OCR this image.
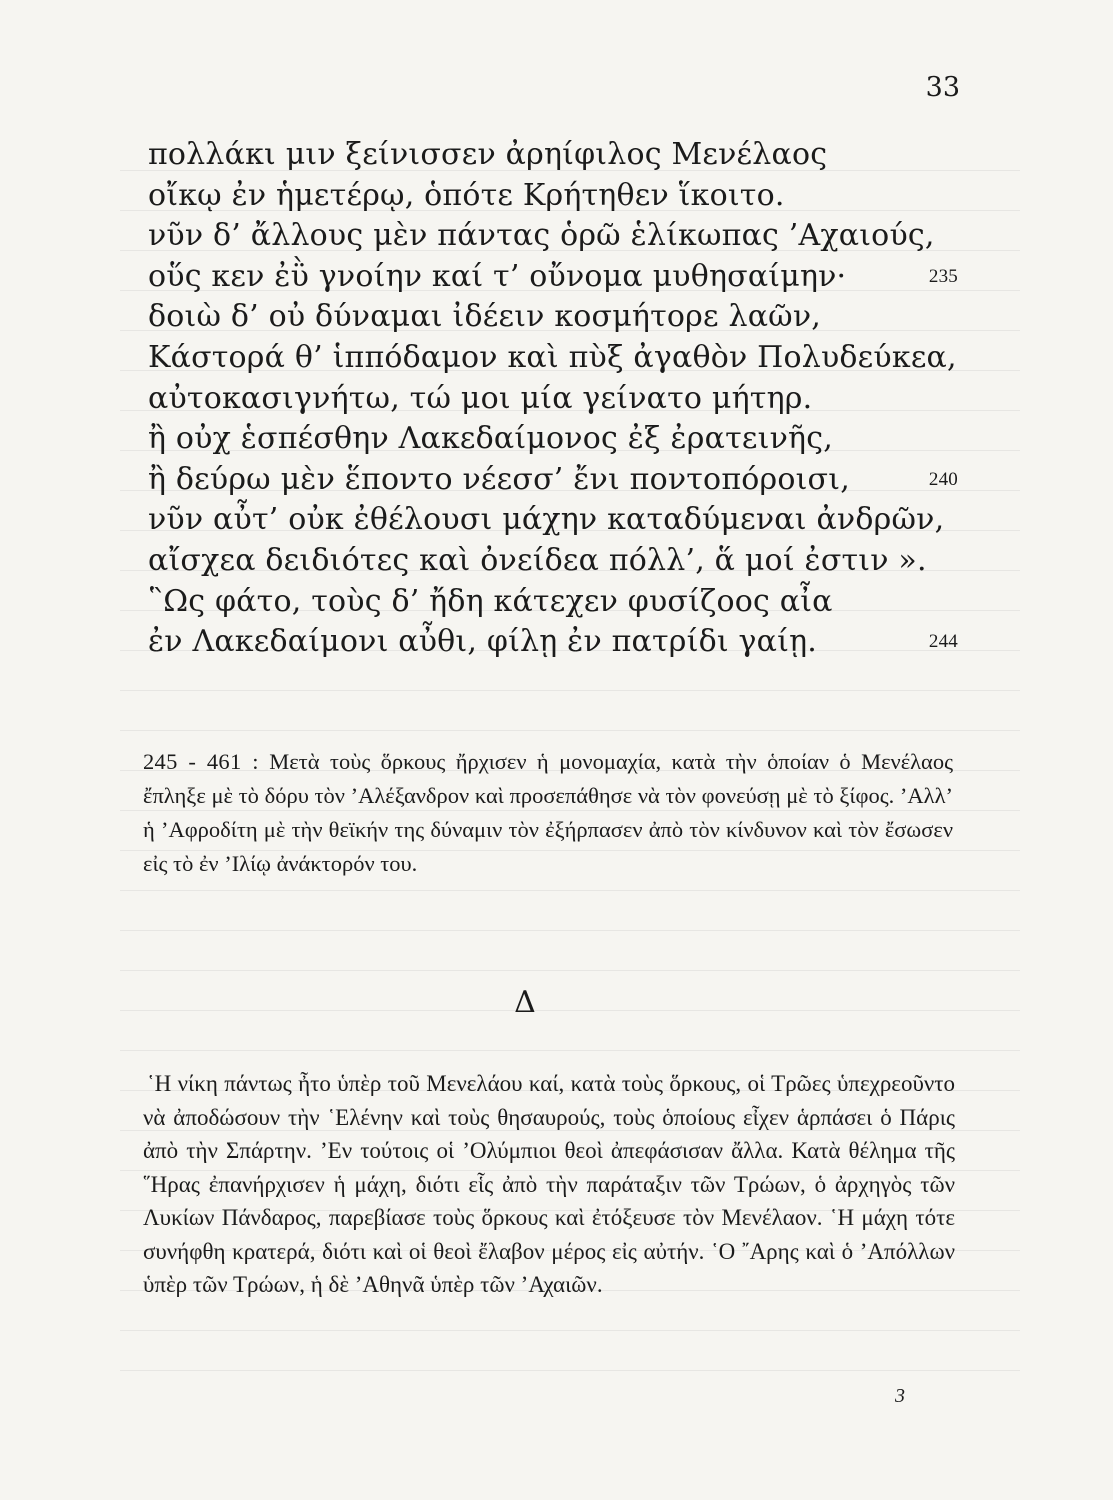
33
πολλάκι μιν ξείνισσεν ἀρηίφιλος Μενέλαος
οἴκῳ ἐν ἡμετέρῳ, ὁπότε Κρήτηθεν ἵκοιτο.
νῦν δ’ ἄλλους μὲν πάντας ὁρῶ ἑλίκωπας ’Αχαιούς,
οὕς κεν ἐῢ γνοίην καί τ’ οὔνομα μυθησαίμην·	235
δοιὼ δ’ οὐ δύναμαι ἰδέειν κοσμήτορε λαῶν,
Κάστορά θ’ ἱππόδαμον καὶ πὺξ ἀγαθὸν Πολυδεύκεα,
αὐτοκασιγνήτω, τώ μοι μία γείνατο μήτηρ.
ἢ οὐχ ἑσπέσθην Λακεδαίμονος ἐξ ἐρατεινῆς,
ἢ δεύρω μὲν ἕποντο νέεσσ’ ἔνι ποντοπόροισι,	240
νῦν αὖτ’ οὐκ ἐθέλουσι μάχην καταδύμεναι ἀνδρῶν,
αἴσχεα δειδιότες καὶ ὀνείδεα πόλλ’, ἅ μοί ἐστιν ».
῝Ως φάτο, τοὺς δ’ ἤδη κάτεχεν φυσίζοος αἶα
ἐν Λακεδαίμονι αὖθι, φίλῃ ἐν πατρίδι γαίῃ.	244
245 - 461 : Μετὰ τοὺς ὅρκους ἤρχισεν ἡ μονομαχία, κατὰ τὴν ὁποίαν ὁ Μενέλαος ἔπληξε μὲ τὸ δόρυ τὸν ’Αλέξανδρον καὶ προσεπάθησε νὰ τὸν φονεύσῃ μὲ τὸ ξίφος. ’Αλλ’ ἡ ’Αφροδίτη μὲ τὴν θεϊκήν της δύναμιν τὸν ἐξήρπασεν ἀπὸ τὸν κίνδυνον καὶ τὸν ἔσωσεν εἰς τὸ ἐν ’Ιλίῳ ἀνάκτορόν του.
Δ
῾Η νίκη πάντως ἦτο ὑπὲρ τοῦ Μενελάου καί, κατὰ τοὺς ὅρκους, οἱ Τρῶες ὑπεχρεοῦντο νὰ ἀποδώσουν τὴν ῾Ελένην καὶ τοὺς θησαυρούς, τοὺς ὁποίους εἶχεν ἁρπάσει ὁ Πάρις ἀπὸ τὴν Σπάρτην. ’Εν τούτοις οἱ ’Ολύμπιοι θεοὶ ἀπεφάσισαν ἄλλα. Κατὰ θέλημα τῆς ῞Ηρας ἐπανήρχισεν ἡ μάχη, διότι εἷς ἀπὸ τὴν παράταξιν τῶν Τρώων, ὁ ἀρχηγὸς τῶν Λυκίων Πάνδαρος, παρεβίασε τοὺς ὅρκους καὶ ἐτόξευσε τὸν Μενέλαον. ῾Η μάχη τότε συνήφθη κρατερά, διότι καὶ οἱ θεοὶ ἔλαβον μέρος εἰς αὐτήν. ῾Ο ῎Αρης καὶ ὁ ’Απόλλων ὑπὲρ τῶν Τρώων, ἡ δὲ ’Αθηνᾶ ὑπὲρ τῶν ’Αχαιῶν.
3
